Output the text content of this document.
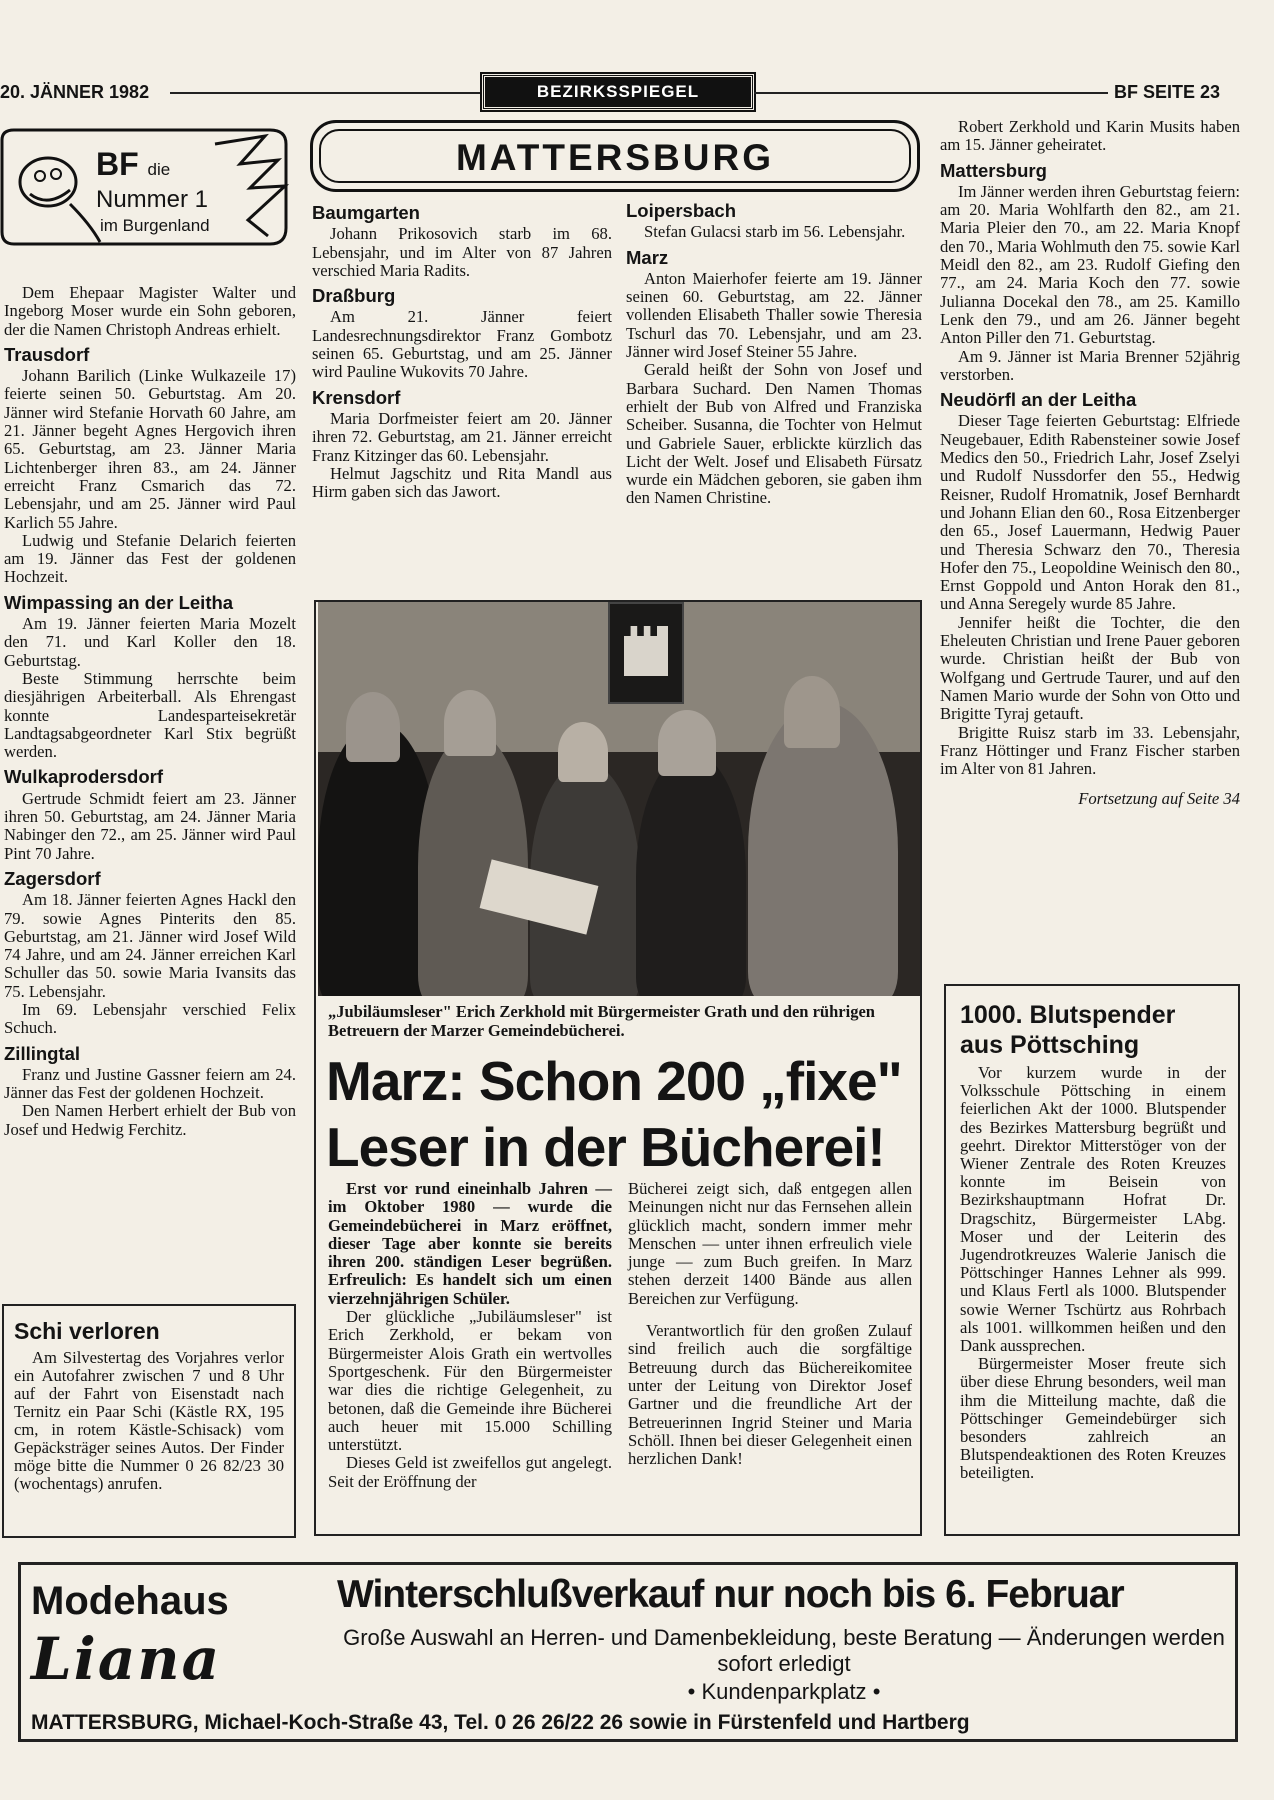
20. JÄNNER 1982	BEZIRKSSPIEGEL	BF SEITE 23
BF die
Nummer 1
im Burgenland

Dem Ehepaar Magister Walter und Ingeborg Moser wurde ein Sohn geboren, der die Namen Christoph Andreas erhielt.

Trausdorf

Johann Barilich (Linke Wulkazeile 17) feierte seinen 50. Geburtstag. Am 20. Jänner wird Stefanie Horvath 60 Jahre, am 21. Jänner begeht Agnes Hergovich ihren 65. Geburtstag, am 23. Jänner Maria Lichtenberger ihren 83., am 24. Jänner erreicht Franz Csmarich das 72. Lebensjahr, und am 25. Jänner wird Paul Karlich 55 Jahre.

Ludwig und Stefanie Delarich feierten am 19. Jänner das Fest der goldenen Hochzeit.

Wimpassing an der Leitha

Am 19. Jänner feierten Maria Mozelt den 71. und Karl Koller den 18. Geburtstag.

Beste Stimmung herrschte beim diesjährigen Arbeiterball. Als Ehrengast konnte Landesparteisekretär Landtagsabgeordneter Karl Stix begrüßt werden.

Wulkaprodersdorf

Gertrude Schmidt feiert am 23. Jänner ihren 50. Geburtstag, am 24. Jänner Maria Nabinger den 72., am 25. Jänner wird Paul Pint 70 Jahre.

Zagersdorf

Am 18. Jänner feierten Agnes Hackl den 79. sowie Agnes Pinterits den 85. Geburtstag, am 21. Jänner wird Josef Wild 74 Jahre, und am 24. Jänner erreichen Karl Schuller das 50. sowie Maria Ivansits das 75. Lebensjahr.

Im 69. Lebensjahr verschied Felix Schuch.

Zillingtal

Franz und Justine Gassner feiern am 24. Jänner das Fest der goldenen Hochzeit.

Den Namen Herbert erhielt der Bub von Josef und Hedwig Ferchitz.

Schi verloren

Am Silvestertag des Vorjahres verlor ein Autofahrer zwischen 7 und 8 Uhr auf der Fahrt von Eisenstadt nach Ternitz ein Paar Schi (Kästle RX, 195 cm, in rotem Kästle-Schisack) vom Gepäcksträger seines Autos. Der Finder möge bitte die Nummer 0 26 82/23 30 (wochentags) anrufen.

MATTERSBURG
Baumgarten

Johann Prikosovich starb im 68. Lebensjahr, und im Alter von 87 Jahren verschied Maria Radits.

Draßburg

Am 21. Jänner feiert Landesrechnungsdirektor Franz Gombotz seinen 65. Geburtstag, und am 25. Jänner wird Pauline Wukovits 70 Jahre.

Krensdorf

Maria Dorfmeister feiert am 20. Jänner ihren 72. Geburtstag, am 21. Jänner erreicht Franz Kitzinger das 60. Lebensjahr.

Helmut Jagschitz und Rita Mandl aus Hirm gaben sich das Jawort.

Loipersbach

Stefan Gulacsi starb im 56. Lebensjahr.

Marz

Anton Maierhofer feierte am 19. Jänner seinen 60. Geburtstag, am 22. Jänner vollenden Elisabeth Thaller sowie Theresia Tschurl das 70. Lebensjahr, und am 23. Jänner wird Josef Steiner 55 Jahre.

Gerald heißt der Sohn von Josef und Barbara Suchard. Den Namen Thomas erhielt der Bub von Alfred und Franziska Scheiber. Susanna, die Tochter von Helmut und Gabriele Sauer, erblickte kürzlich das Licht der Welt. Josef und Elisabeth Fürsatz wurde ein Mädchen geboren, sie gaben ihm den Namen Christine.

Robert Zerkhold und Karin Musits haben am 15. Jänner geheiratet.

Mattersburg

Im Jänner werden ihren Geburtstag feiern: am 20. Maria Wohlfarth den 82., am 21. Maria Pleier den 70., am 22. Maria Knopf den 70., Maria Wohlmuth den 75. sowie Karl Meidl den 82., am 23. Rudolf Giefing den 77., am 24. Maria Koch den 77. sowie Julianna Docekal den 78., am 25. Kamillo Lenk den 79., und am 26. Jänner begeht Anton Piller den 71. Geburtstag.

Am 9. Jänner ist Maria Brenner 52jährig verstorben.

Neudörfl an der Leitha

Dieser Tage feierten Geburtstag: Elfriede Neugebauer, Edith Rabensteiner sowie Josef Medics den 50., Friedrich Lahr, Josef Zselyi und Rudolf Nussdorfer den 55., Hedwig Reisner, Rudolf Hromatnik, Josef Bernhardt und Johann Elian den 60., Rosa Eitzenberger den 65., Josef Lauermann, Hedwig Pauer und Theresia Schwarz den 70., Theresia Hofer den 75., Leopoldine Weinisch den 80., Ernst Goppold und Anton Horak den 81., und Anna Seregely wurde 85 Jahre.

Jennifer heißt die Tochter, die den Eheleuten Christian und Irene Pauer geboren wurde. Christian heißt der Bub von Wolfgang und Gertrude Taurer, und auf den Namen Mario wurde der Sohn von Otto und Brigitte Tyraj getauft.

Brigitte Ruisz starb im 33. Lebensjahr, Franz Höttinger und Franz Fischer starben im Alter von 81 Jahren.

Fortsetzung auf Seite 34
„Jubiläumsleser" Erich Zerkhold mit Bürgermeister Grath und den rührigen Betreuern der Marzer Gemeindebücherei.
Marz: Schon 200 „fixe"
Leser in der Bücherei!

Erst vor rund eineinhalb Jahren — im Oktober 1980 — wurde die Gemeindebücherei in Marz eröffnet, dieser Tage aber konnte sie bereits ihren 200. ständigen Leser begrüßen. Erfreulich: Es handelt sich um einen vierzehnjährigen Schüler.

Der glückliche „Jubiläumsleser" ist Erich Zerkhold, er bekam von Bürgermeister Alois Grath ein wertvolles Sportgeschenk. Für den Bürgermeister war dies die richtige Gelegenheit, zu betonen, daß die Gemeinde ihre Bücherei auch heuer mit 15.000 Schilling unterstützt.

Dieses Geld ist zweifellos gut angelegt. Seit der Eröffnung der

Bücherei zeigt sich, daß entgegen allen Meinungen nicht nur das Fernsehen allein glücklich macht, sondern immer mehr Menschen — unter ihnen erfreulich viele junge — zum Buch greifen. In Marz stehen derzeit 1400 Bände aus allen Bereichen zur Verfügung.

Verantwortlich für den großen Zulauf sind freilich auch die sorgfältige Betreuung durch das Büchereikomitee unter der Leitung von Direktor Josef Gartner und die freundliche Art der Betreuerinnen Ingrid Steiner und Maria Schöll. Ihnen bei dieser Gelegenheit einen herzlichen Dank!

1000. Blutspender
aus Pöttsching

Vor kurzem wurde in der Volksschule Pöttsching in einem feierlichen Akt der 1000. Blutspender des Bezirkes Mattersburg begrüßt und geehrt. Direktor Mitterstöger von der Wiener Zentrale des Roten Kreuzes konnte im Beisein von Bezirkshauptmann Hofrat Dr. Dragschitz, Bürgermeister LAbg. Moser und der Leiterin des Jugendrotkreuzes Walerie Janisch die Pöttschinger Hannes Lehner als 999. und Klaus Fertl als 1000. Blutspender sowie Werner Tschürtz aus Rohrbach als 1001. willkommen heißen und den Dank aussprechen.

Bürgermeister Moser freute sich über diese Ehrung besonders, weil man ihm die Mitteilung machte, daß die Pöttschinger Gemeindebürger sich besonders zahlreich an Blutspendeaktionen des Roten Kreuzes beteiligten.

Modehaus
Liana
Winterschlußverkauf nur noch bis 6. Februar
Große Auswahl an Herren- und Damenbekleidung, beste Beratung — Änderungen werden sofort erledigt
• Kundenparkplatz •
MATTERSBURG, Michael-Koch-Straße 43, Tel. 0 26 26/22 26 sowie in Fürstenfeld und Hartberg
